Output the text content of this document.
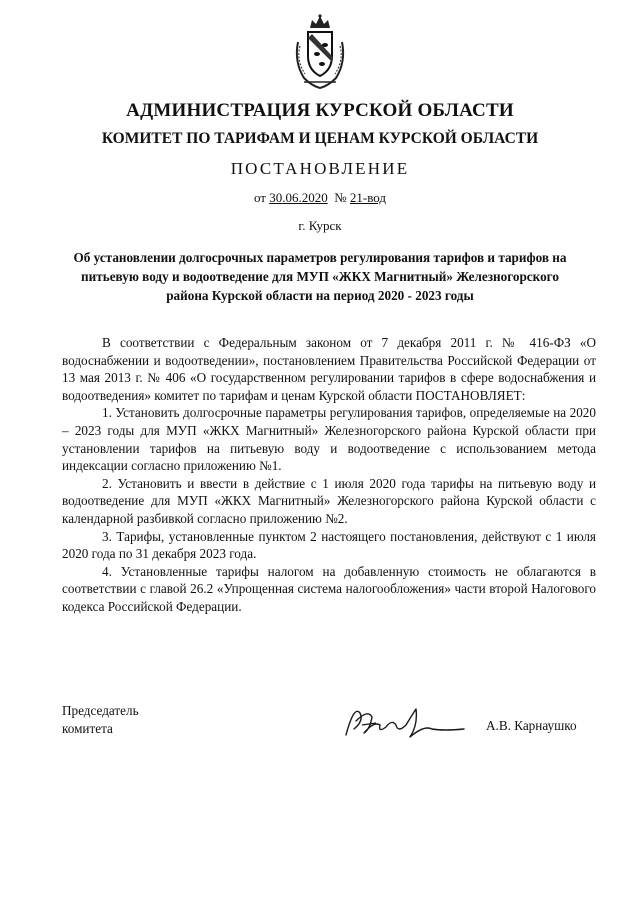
АДМИНИСТРАЦИЯ КУРСКОЙ ОБЛАСТИ
КОМИТЕТ ПО ТАРИФАМ И ЦЕНАМ КУРСКОЙ ОБЛАСТИ
ПОСТАНОВЛЕНИЕ
от 30.06.2020  № 21-вод
г. Курск
Об установлении долгосрочных параметров регулирования тарифов и тарифов на питьевую воду и водоотведение для МУП «ЖКХ Магнитный» Железногорского района Курской области на период 2020 - 2023 годы

В соответствии с Федеральным законом от 7 декабря 2011 г. № 416-ФЗ «О водоснабжении и водоотведении», постановлением Правительства Российской Федерации от 13 мая 2013 г. № 406 «О государственном регулировании тарифов в сфере водоснабжения и водоотведения» комитет по тарифам и ценам Курской области ПОСТАНОВЛЯЕТ:

1. Установить долгосрочные параметры регулирования тарифов, определяемые на 2020 – 2023 годы для МУП «ЖКХ Магнитный» Железногорского района Курской области при установлении тарифов на питьевую воду и водоотведение с использованием метода индексации согласно приложению №1.

2. Установить и ввести в действие с 1 июля 2020 года тарифы на питьевую воду и водоотведение для МУП «ЖКХ Магнитный» Железногорского района Курской области с календарной разбивкой согласно приложению №2.

3. Тарифы, установленные пунктом 2 настоящего постановления, действуют с 1 июля 2020 года по 31 декабря 2023 года.

4. Установленные тарифы налогом на добавленную стоимость не облагаются в соответствии с главой 26.2 «Упрощенная система налогообложения» части второй Налогового кодекса Российской Федерации.

Председатель
комитета	А.В. Карнаушко
